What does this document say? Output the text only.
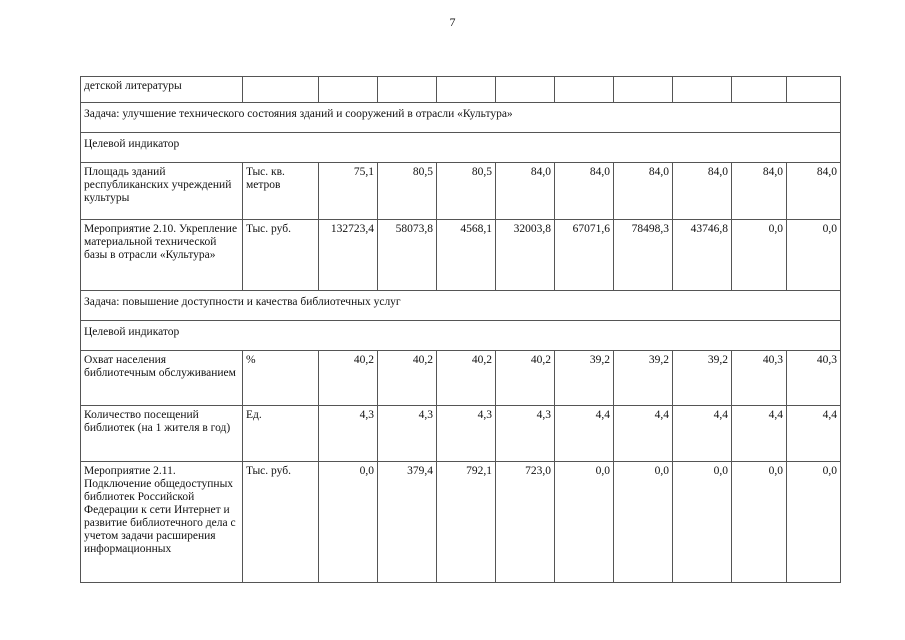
7
детской литературы										
Задача: улучшение технического состояния зданий и сооружений в отрасли «Культура»										
Целевой индикатор										
Площадь зданий республиканских учреждений культуры	Тыс. кв. метров	75,1	80,5	80,5	84,0	84,0	84,0	84,0	84,0	84,0
Мероприятие 2.10. Укрепление материальной технической базы в отрасли «Культура»	Тыс. руб.	132723,4	58073,8	4568,1	32003,8	67071,6	78498,3	43746,8	0,0	0,0
Задача: повышение доступности и качества библиотечных услуг										
Целевой индикатор										
Охват населения библиотечным обслуживанием	%	40,2	40,2	40,2	40,2	39,2	39,2	39,2	40,3	40,3
Количество посещений библиотек (на 1 жителя в год)	Ед.	4,3	4,3	4,3	4,3	4,4	4,4	4,4	4,4	4,4
Мероприятие 2.11. Подключение общедоступных библиотек Российской Федерации к сети Интернет и развитие библиотечного дела с учетом задачи расширения информационных	Тыс. руб.	0,0	379,4	792,1	723,0	0,0	0,0	0,0	0,0	0,0
